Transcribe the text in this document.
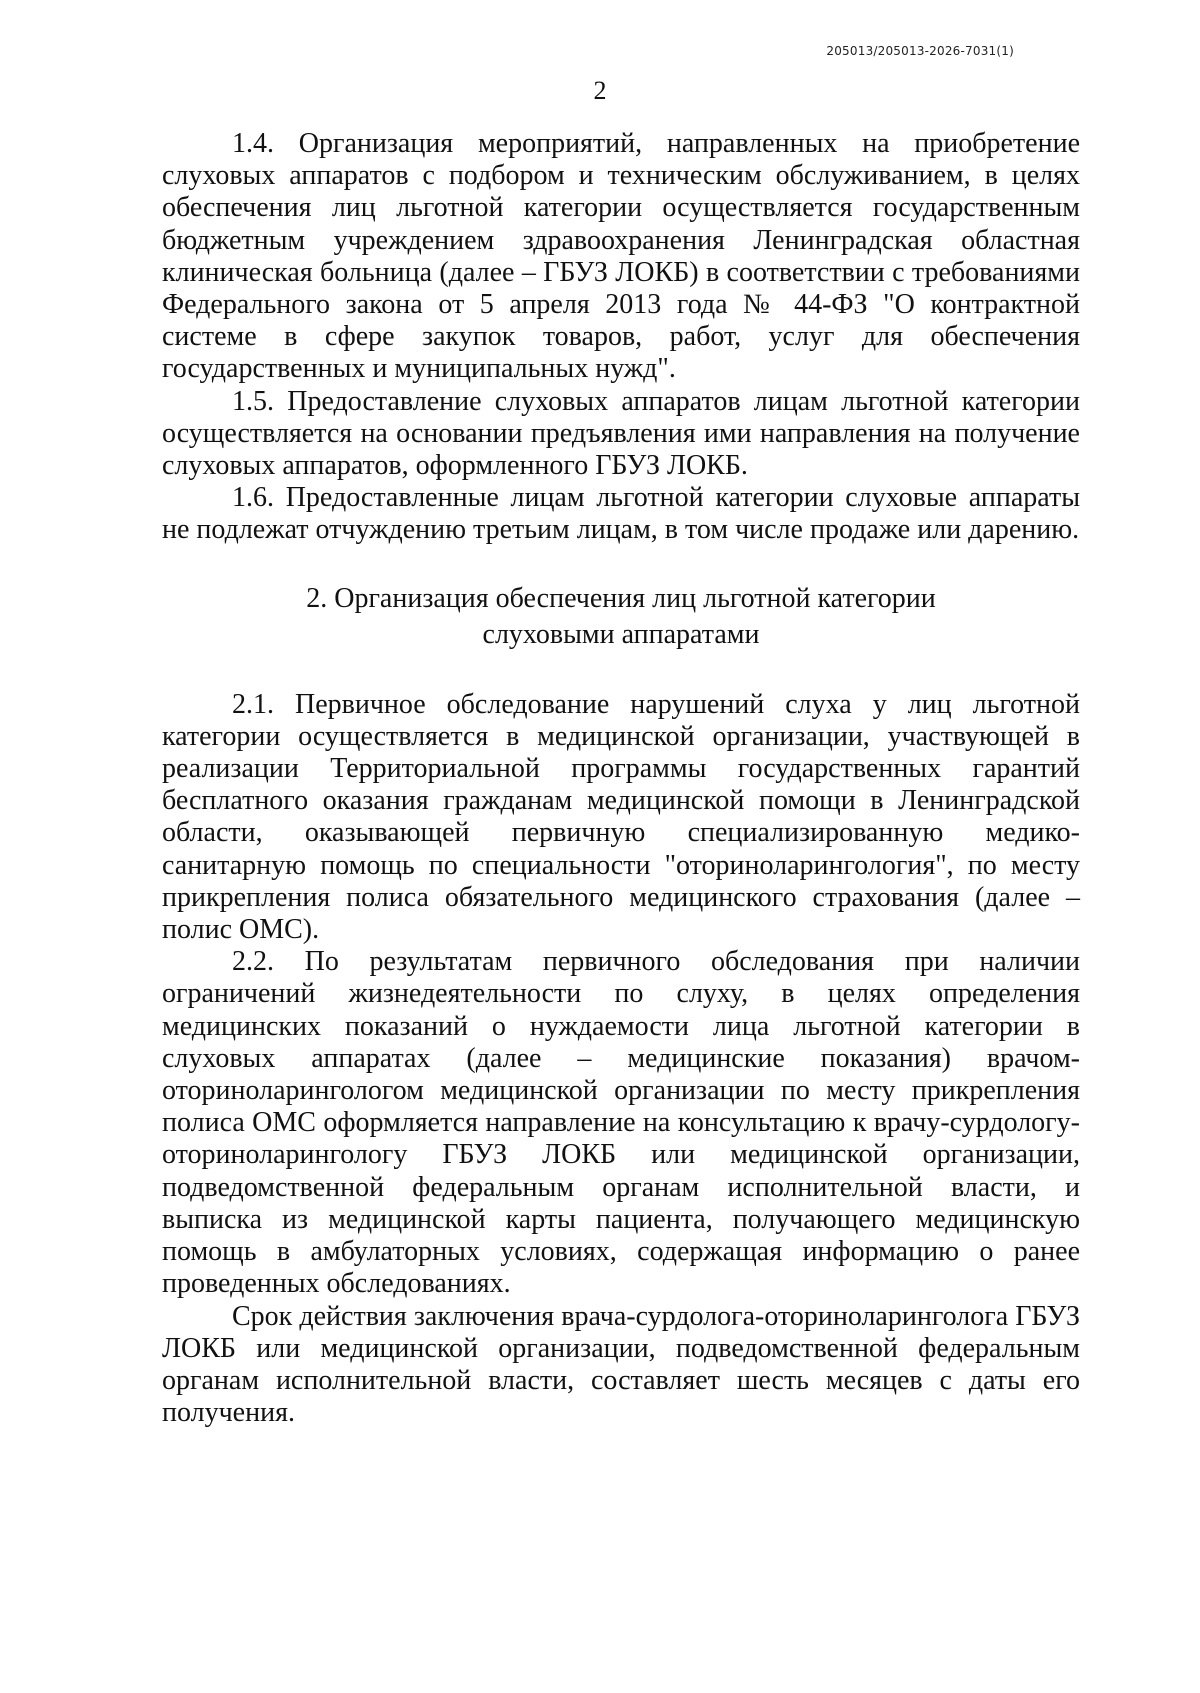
205013/205013-2026-7031(1)
2

1.4. Организация мероприятий, направленных на приобретение слуховых аппаратов с подбором и техническим обслуживанием, в целях обеспечения лиц льготной категории осуществляется государственным бюджетным учреждением здравоохранения Ленинградская областная клиническая больница (далее – ГБУЗ ЛОКБ) в соответствии с требованиями Федерального закона от 5 апреля 2013 года № 44-ФЗ "О контрактной системе в сфере закупок товаров, работ, услуг для обеспечения государственных и муниципальных нужд".

1.5. Предоставление слуховых аппаратов лицам льготной категории осуществляется на основании предъявления ими направления на получение слуховых аппаратов, оформленного ГБУЗ ЛОКБ.

1.6. Предоставленные лицам льготной категории слуховые аппараты не подлежат отчуждению третьим лицам, в том числе продаже или дарению.

2. Организация обеспечения лиц льготной категории

слуховыми аппаратами

2.1. Первичное обследование нарушений слуха у лиц льготной категории осуществляется в медицинской организации, участвующей в реализации Территориальной программы государственных гарантий бесплатного оказания гражданам медицинской помощи в Ленинградской области, оказывающей первичную специализированную медико-санитарную помощь по специальности "оториноларингология", по месту прикрепления полиса обязательного медицинского страхования (далее – полис ОМС).

2.2. По результатам первичного обследования при наличии ограничений жизнедеятельности по слуху, в целях определения медицинских показаний о нуждаемости лица льготной категории в слуховых аппаратах (далее – медицинские показания) врачом-оториноларингологом медицинской организации по месту прикрепления полиса ОМС оформляется направление на консультацию к врачу-сурдологу-оториноларингологу ГБУЗ ЛОКБ или медицинской организации, подведомственной федеральным органам исполнительной власти, и выписка из медицинской карты пациента, получающего медицинскую помощь в амбулаторных условиях, содержащая информацию о ранее проведенных обследованиях.

Срок действия заключения врача-сурдолога-оториноларинголога ГБУЗ ЛОКБ или медицинской организации, подведомственной федеральным органам исполнительной власти, составляет шесть месяцев с даты его получения.
